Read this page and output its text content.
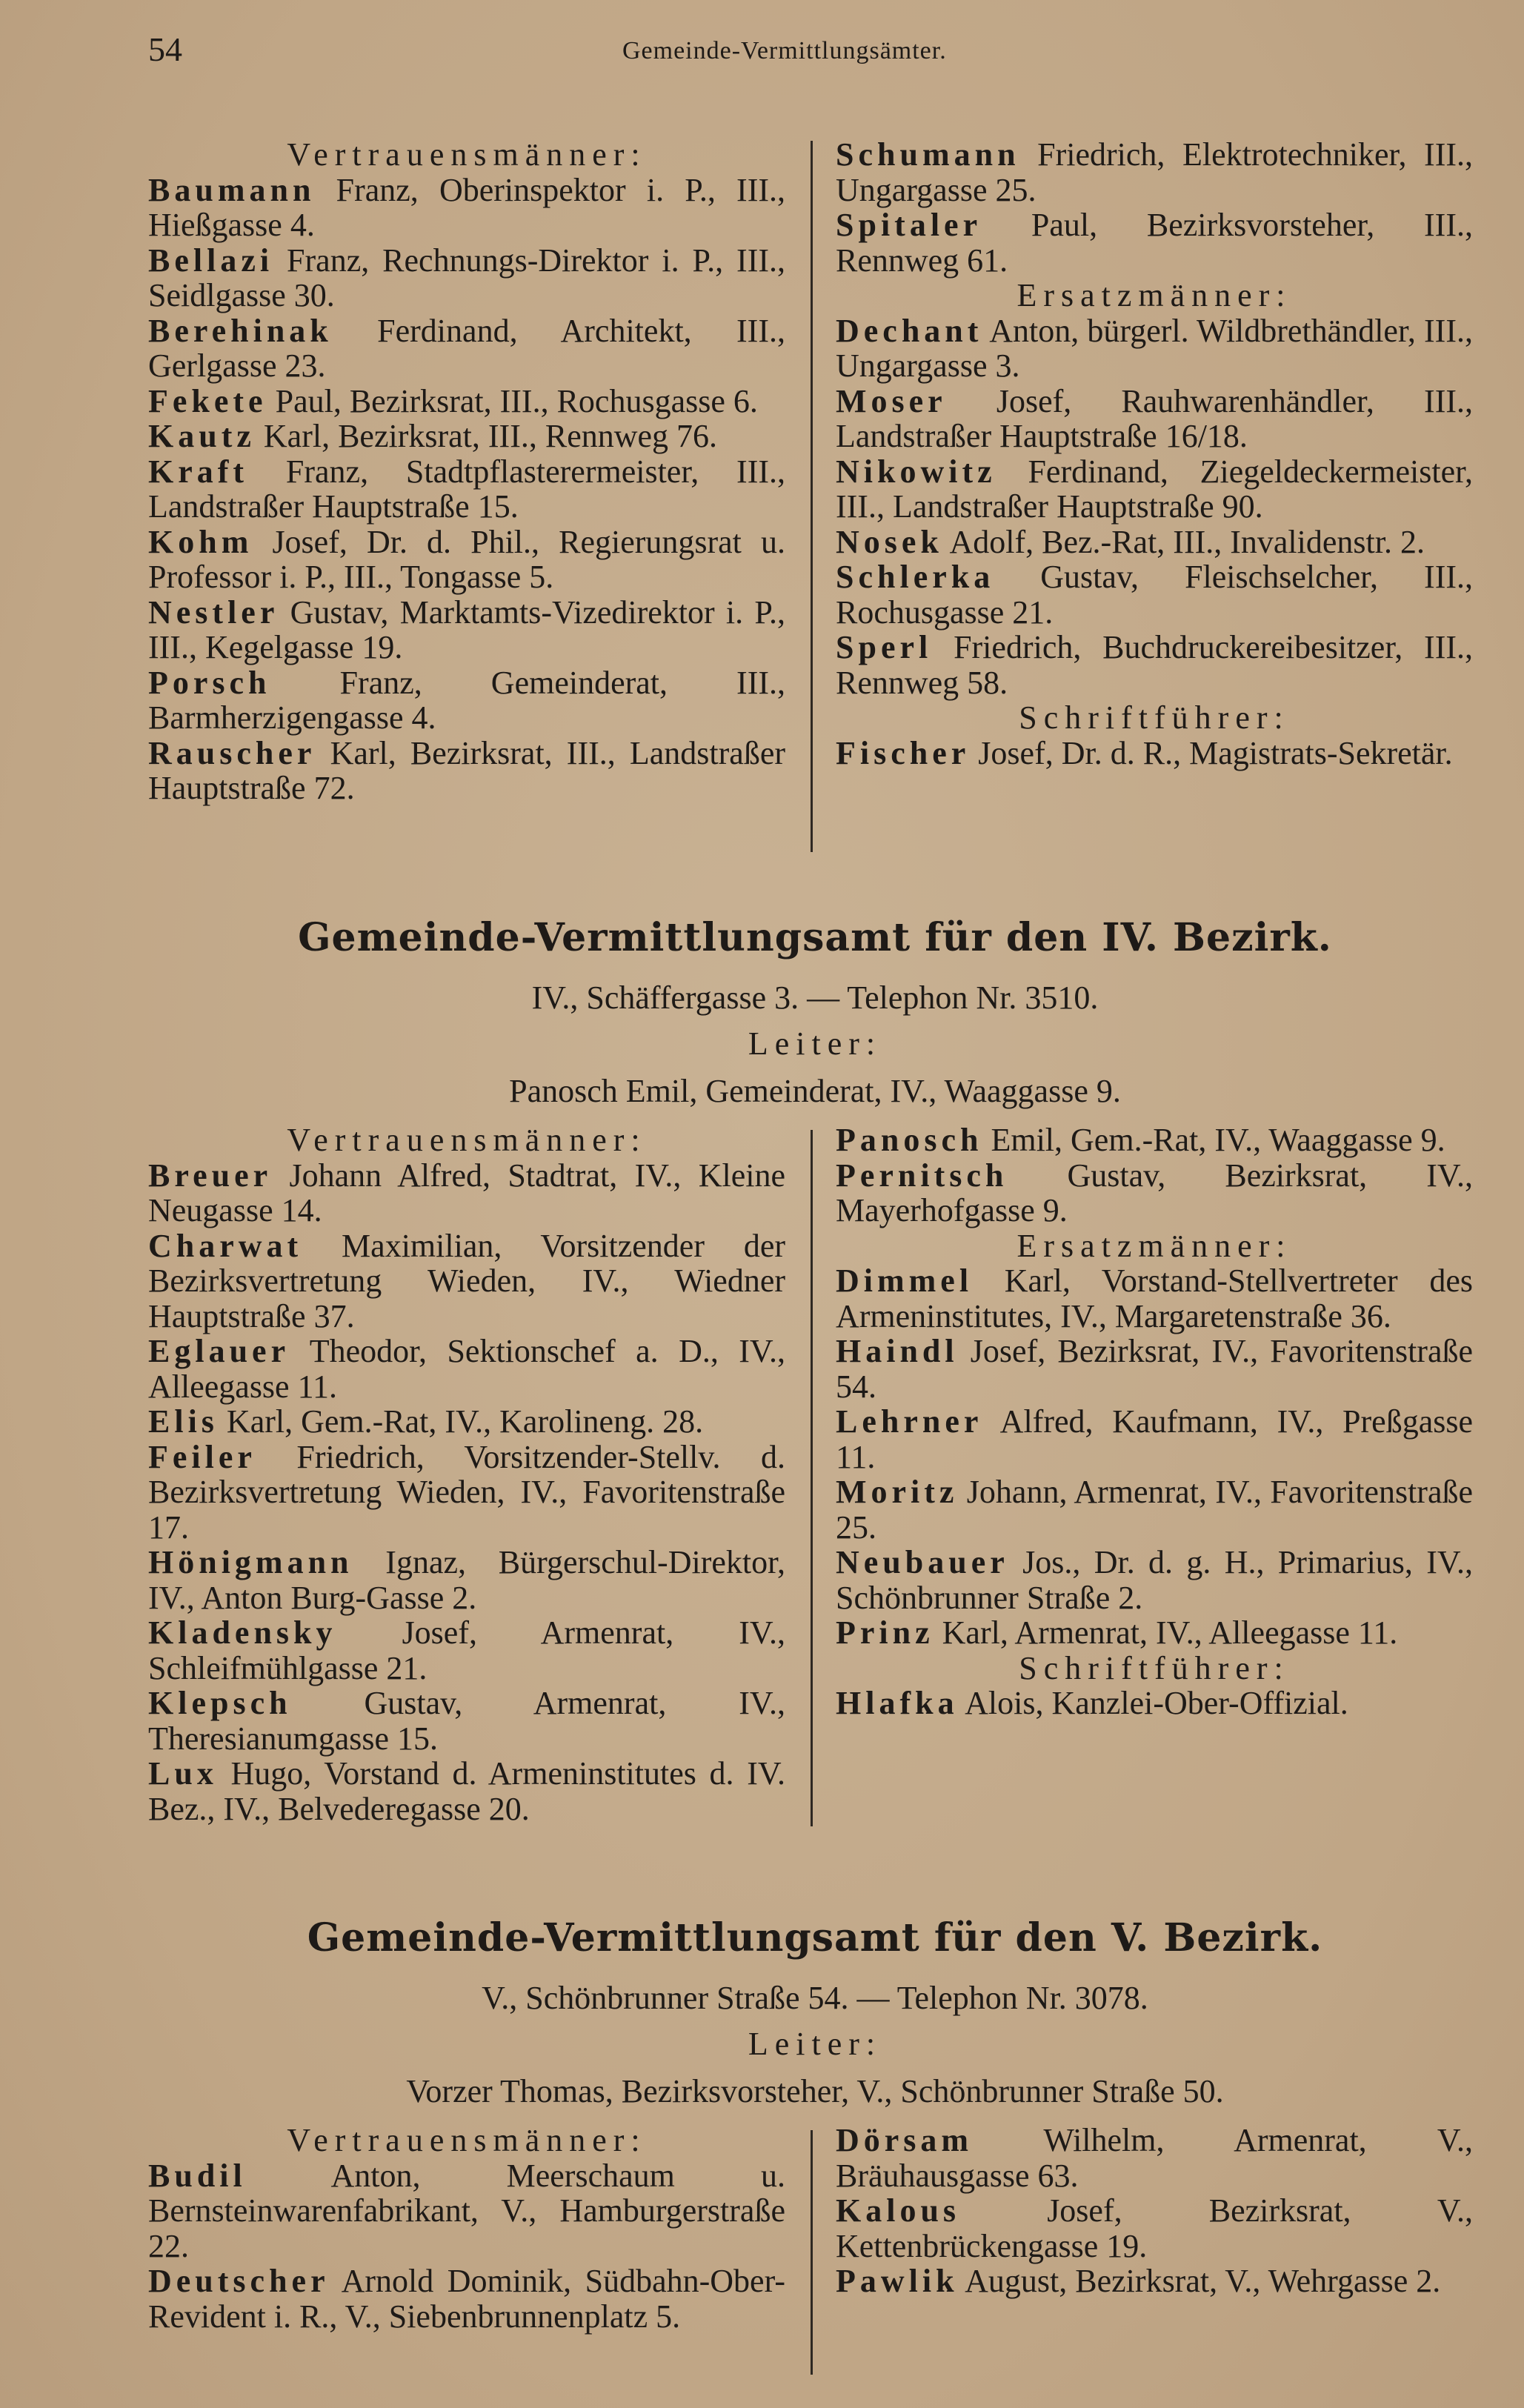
54	Gemeinde-Vermittlungsämter.
Vertrauensmänner:

Baumann Franz, Oberinspektor i. P., III., Hießgasse 4.

Bellazi Franz, Rechnungs-Direktor i. P., III., Seidlgasse 30.

Berehinak Ferdinand, Architekt, III., Gerlgasse 23.

Fekete Paul, Bezirksrat, III., Rochusgasse 6.

Kautz Karl, Bezirksrat, III., Rennweg 76.

Kraft Franz, Stadtpflasterermeister, III., Landstraßer Hauptstraße 15.

Kohm Josef, Dr. d. Phil., Regierungsrat u. Professor i. P., III., Tongasse 5.

Nestler Gustav, Marktamts-Vizedirektor i. P., III., Kegelgasse 19.

Porsch Franz, Gemeinderat, III., Barmherzigengasse 4.

Rauscher Karl, Bezirksrat, III., Landstraßer Hauptstraße 72.

Schumann Friedrich, Elektrotechniker, III., Ungargasse 25.

Spitaler Paul, Bezirksvorsteher, III., Rennweg 61.

Ersatzmänner:

Dechant Anton, bürgerl. Wildbrethändler, III., Ungargasse 3.

Moser Josef, Rauhwarenhändler, III., Landstraßer Hauptstraße 16/18.

Nikowitz Ferdinand, Ziegeldeckermeister, III., Landstraßer Hauptstraße 90.

Nosek Adolf, Bez.-Rat, III., Invalidenstr. 2.

Schlerka Gustav, Fleischselcher, III., Rochusgasse 21.

Sperl Friedrich, Buchdruckereibesitzer, III., Rennweg 58.

Schriftführer:

Fischer Josef, Dr. d. R., Magistrats-Sekretär.

Gemeinde-Vermittlungsamt für den IV. Bezirk.
IV., Schäffergasse 3. — Telephon Nr. 3510.
Leiter:
Panosch Emil, Gemeinderat, IV., Waaggasse 9.
Vertrauensmänner:

Breuer Johann Alfred, Stadtrat, IV., Kleine Neugasse 14.

Charwat Maximilian, Vorsitzender der Bezirksvertretung Wieden, IV., Wiedner Hauptstraße 37.

Eglauer Theodor, Sektionschef a. D., IV., Alleegasse 11.

Elis Karl, Gem.-Rat, IV., Karolineng. 28.

Feiler Friedrich, Vorsitzender-Stellv. d. Bezirksvertretung Wieden, IV., Favoritenstraße 17.

Hönigmann Ignaz, Bürgerschul-Direktor, IV., Anton Burg-Gasse 2.

Kladensky Josef, Armenrat, IV., Schleifmühlgasse 21.

Klepsch Gustav, Armenrat, IV., Theresianumgasse 15.

Lux Hugo, Vorstand d. Armeninstitutes d. IV. Bez., IV., Belvederegasse 20.

Panosch Emil, Gem.-Rat, IV., Waaggasse 9.

Pernitsch Gustav, Bezirksrat, IV., Mayerhofgasse 9.

Ersatzmänner:

Dimmel Karl, Vorstand-Stellvertreter des Armeninstitutes, IV., Margaretenstraße 36.

Haindl Josef, Bezirksrat, IV., Favoritenstraße 54.

Lehrner Alfred, Kaufmann, IV., Preßgasse 11.

Moritz Johann, Armenrat, IV., Favoritenstraße 25.

Neubauer Jos., Dr. d. g. H., Primarius, IV., Schönbrunner Straße 2.

Prinz Karl, Armenrat, IV., Alleegasse 11.

Schriftführer:

Hlafka Alois, Kanzlei-Ober-Offizial.

Gemeinde-Vermittlungsamt für den V. Bezirk.
V., Schönbrunner Straße 54. — Telephon Nr. 3078.
Leiter:
Vorzer Thomas, Bezirksvorsteher, V., Schönbrunner Straße 50.
Vertrauensmänner:

Budil	Anton, Meerschaum u. Bernsteinwarenfabrikant, V., Hamburgerstraße 22.

Deutscher Arnold Dominik, Südbahn-Ober-Revident i. R., V., Siebenbrunnenplatz 5.

Dörsam Wilhelm, Armenrat, V., Bräuhausgasse 63.

Kalous	Josef, Bezirksrat, V., Kettenbrückengasse 19.

Pawlik August, Bezirksrat, V., Wehrgasse 2.
